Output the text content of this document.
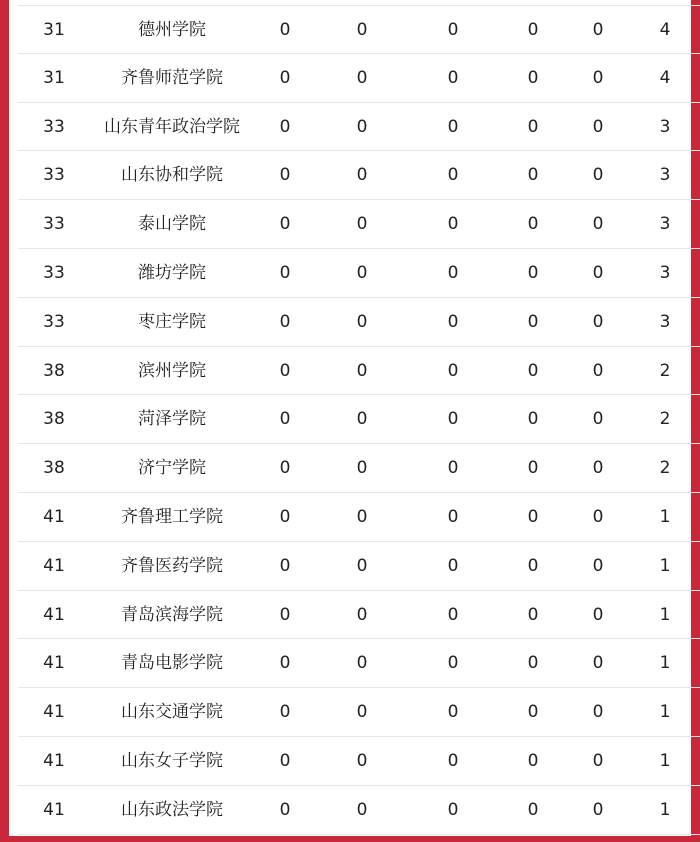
31	德州学院	0	0	0	0	0	4
31	齐鲁师范学院	0	0	0	0	0	4
33	山东青年政治学院	0	0	0	0	0	3
33	山东协和学院	0	0	0	0	0	3
33	泰山学院	0	0	0	0	0	3
33	潍坊学院	0	0	0	0	0	3
33	枣庄学院	0	0	0	0	0	3
38	滨州学院	0	0	0	0	0	2
38	菏泽学院	0	0	0	0	0	2
38	济宁学院	0	0	0	0	0	2
41	齐鲁理工学院	0	0	0	0	0	1
41	齐鲁医药学院	0	0	0	0	0	1
41	青岛滨海学院	0	0	0	0	0	1
41	青岛电影学院	0	0	0	0	0	1
41	山东交通学院	0	0	0	0	0	1
41	山东女子学院	0	0	0	0	0	1
41	山东政法学院	0	0	0	0	0	1
